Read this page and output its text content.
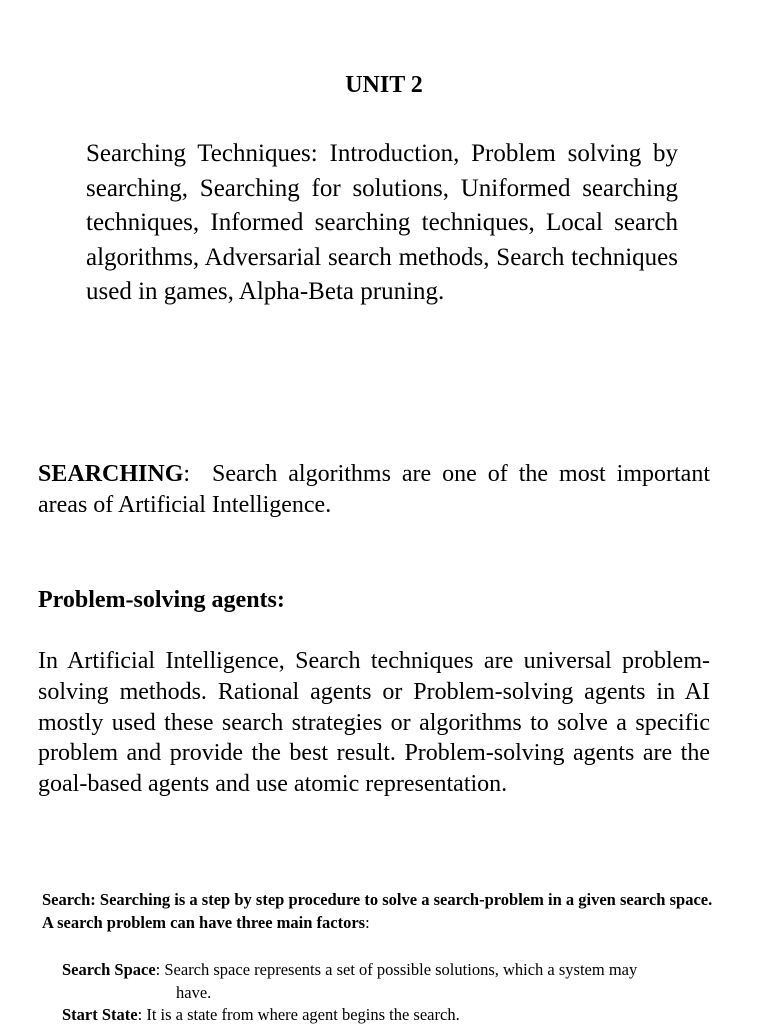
UNIT 2
Searching Techniques: Introduction, Problem solving by searching, Searching for solutions, Uniformed searching techniques, Informed searching techniques, Local search algorithms, Adversarial search methods, Search techniques used in games, Alpha-Beta pruning.
SEARCHING: Search algorithms are one of the most important areas of Artificial Intelligence.
Problem-solving agents:
In Artificial Intelligence, Search techniques are universal problem-solving methods. Rational agents or Problem-solving agents in AI mostly used these search strategies or algorithms to solve a specific problem and provide the best result. Problem-solving agents are the goal-based agents and use atomic representation.
Search: Searching is a step by step procedure to solve a search-problem in a given search space. A search problem can have three main factors:
Search Space: Search space represents a set of possible solutions, which a system may
have.
Start State: It is a state from where agent begins the search.
